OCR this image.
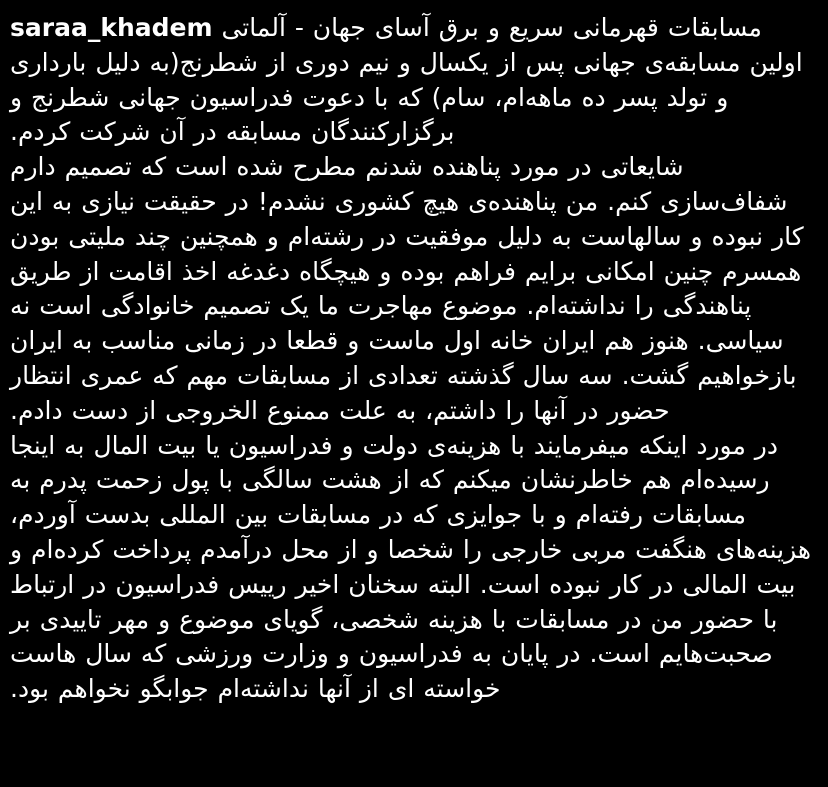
saraa_khadem مسابقات قهرمانی سریع و برق آسای جهان - آلماتی

اولین مسابقه‌ی جهانی پس از یکسال و نیم دوری از شطرنج(به دلیل بارداری و تولد پسر ده ماهه‌ام، سام) که با دعوت فدراسیون جهانی شطرنج و برگزارکنندگان مسابقه در آن شرکت کردم.

شایعاتی در مورد پناهنده شدنم مطرح شده است که تصمیم دارم شفاف‌سازی کنم. من پناهنده‌ی هیچ کشوری نشدم! در حقیقت نیازی به این کار نبوده و سالهاست به دلیل موفقیت در رشته‌ام و همچنین چند ملیتی بودن همسرم چنین امکانی برایم فراهم بوده و هیچگاه دغدغه اخذ اقامت از طریق پناهندگی را نداشته‌ام. موضوع مهاجرت ما یک تصمیم خانوادگی است نه سیاسی. هنوز هم ایران خانه اول ماست و قطعا در زمانی مناسب به ایران بازخواهیم گشت. سه سال گذشته تعدادی از مسابقات مهم که عمری انتظار حضور در آنها را داشتم، به علت ممنوع الخروجی از دست دادم.

در مورد اینکه میفرمایند با هزینه‌ی دولت و فدراسیون یا بیت المال به اینجا رسیده‌ام هم خاطرنشان میکنم که از هشت سالگی با پول زحمت پدرم به مسابقات رفته‌ام و با جوایزی که در مسابقات بین المللی بدست آوردم، هزینه‌های هنگفت مربی خارجی را شخصا و از محل درآمدم پرداخت کرده‌ام و بیت المالی در کار نبوده است. البته سخنان اخیر رییس فدراسیون در ارتباط با حضور من در مسابقات با هزینه شخصی، گویای موضوع و مهر تاییدی بر صحبت‌هایم است. در پایان به فدراسیون و وزارت ورزشی که سال هاست خواسته ای از آنها نداشته‌ام جوابگو نخواهم بود.
